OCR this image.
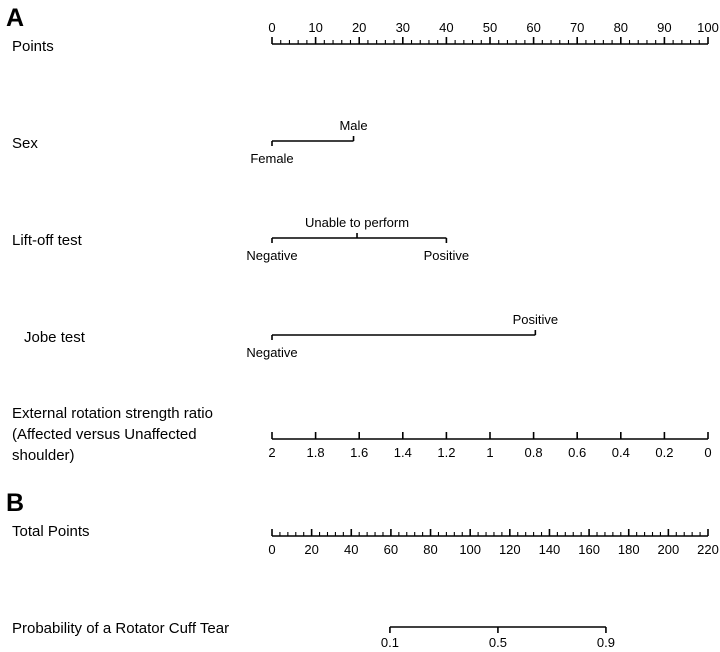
A
B
Points
0	10 20 30 40 50 60 70 80 90 100
Sex
Female
Male
Lift-off test
Negative
Unable to perform
Positive
Jobe test
Negative
Positive
External rotation strength ratio
(Affected versus Unaffected
shoulder)	2 1.8 1.6 1.4 1.2 1 0.8 0.6 0.4 0.2 0
Total Points
0 20 40 60 80 100 120 140 160 180 200 220
Probability of a Rotator Cuff Tear
0.1	0.5	0.9
